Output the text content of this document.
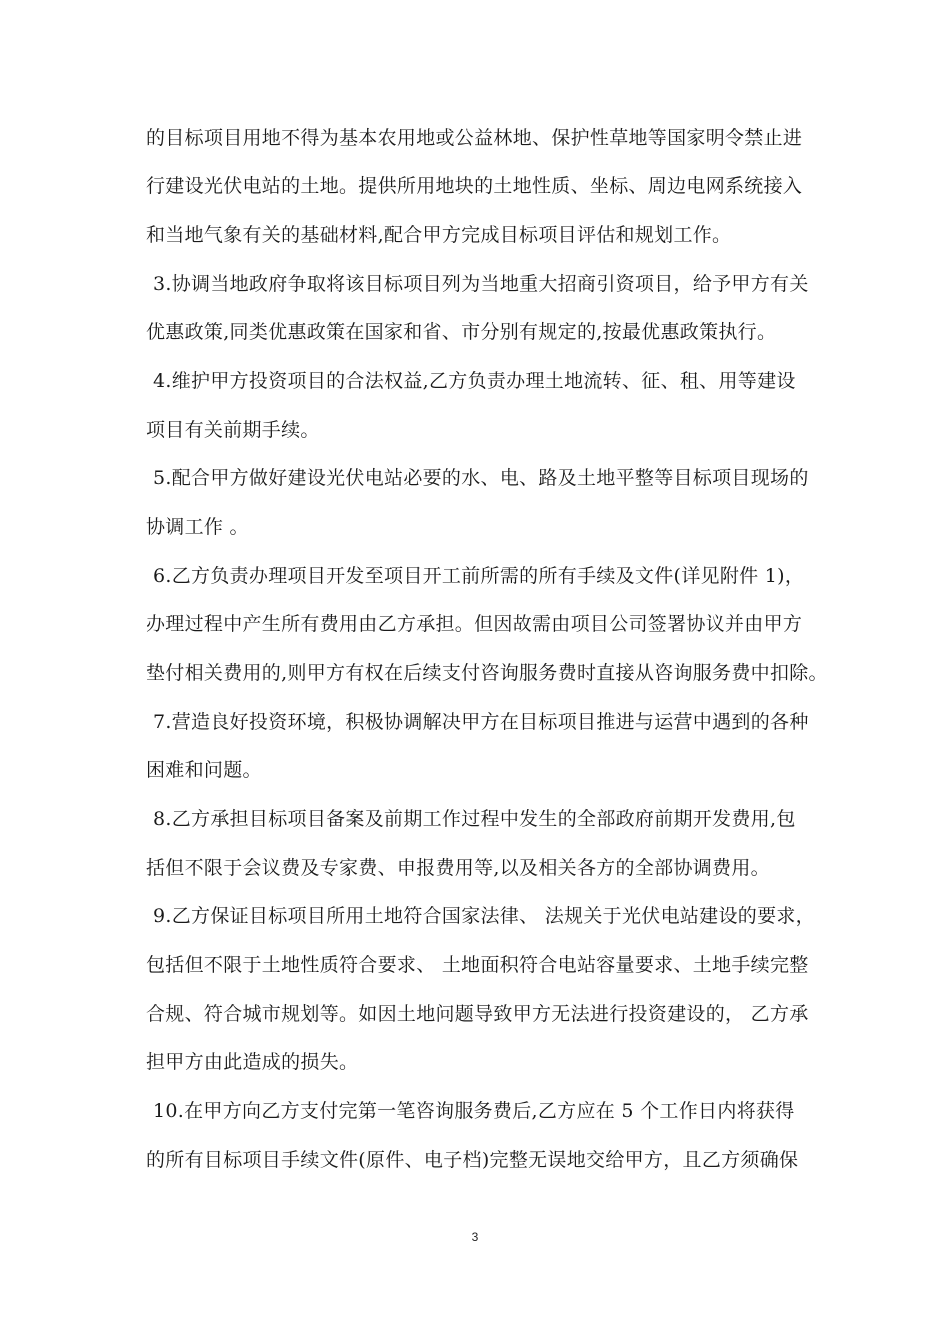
的目标项目用地不得为基本农用地或公益林地、保护性草地等国家明令禁止进
行建设光伏电站的土地。提供所用地块的土地性质、坐标、周边电网系统接入
和当地气象有关的基础材料,配合甲方完成目标项目评估和规划工作。
3.协调当地政府争取将该目标项目列为当地重大招商引资项目，给予甲方有关
优惠政策,同类优惠政策在国家和省、市分别有规定的,按最优惠政策执行。
4.维护甲方投资项目的合法权益,乙方负责办理土地流转、征、租、用等建设
项目有关前期手续。
5.配合甲方做好建设光伏电站必要的水、电、路及土地平整等目标项目现场的
协调工作 。
6.乙方负责办理项目开发至项目开工前所需的所有手续及文件(详见附件 1)，
办理过程中产生所有费用由乙方承担。但因故需由项目公司签署协议并由甲方
垫付相关费用的,则甲方有权在后续支付咨询服务费时直接从咨询服务费中扣除。
7.营造良好投资环境，积极协调解决甲方在目标项目推进与运营中遇到的各种
困难和问题。
8.乙方承担目标项目备案及前期工作过程中发生的全部政府前期开发费用,包
括但不限于会议费及专家费、申报费用等,以及相关各方的全部协调费用。
9.乙方保证目标项目所用土地符合国家法律、 法规关于光伏电站建设的要求，
包括但不限于土地性质符合要求、 土地面积符合电站容量要求、土地手续完整
合规、符合城市规划等。如因土地问题导致甲方无法进行投资建设的， 乙方承
担甲方由此造成的损失。
10.在甲方向乙方支付完第一笔咨询服务费后,乙方应在 5 个工作日内将获得
的所有目标项目手续文件(原件、电子档)完整无误地交给甲方，且乙方须确保
3
